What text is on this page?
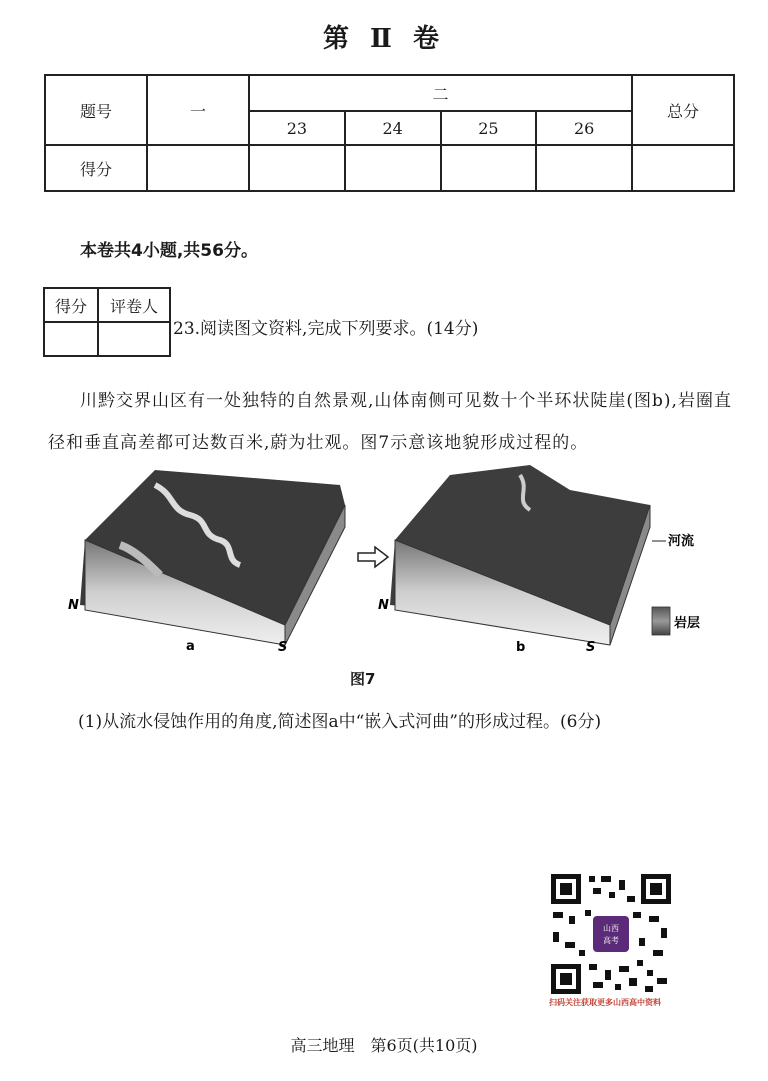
第 Ⅱ 卷
题号	一	二				总分
		23	24	25	26	
得分						
本卷共4小题,共56分。
得分	评卷人

23.阅读图文资料,完成下列要求。(14分)
川黔交界山区有一处独特的自然景观,山体南侧可见数十个半环状陡崖(图b),岩圈直
径和垂直高差都可达数百米,蔚为壮观。图7示意该地貌形成过程的。
N
a	S
N
b	S
河流
岩层
图7
(1)从流水侵蚀作用的角度,简述图a中“嵌入式河曲”的形成过程。(6分)
山西
高考
扫码关注获取更多山西高中资料
高三地理　第6页(共10页)
